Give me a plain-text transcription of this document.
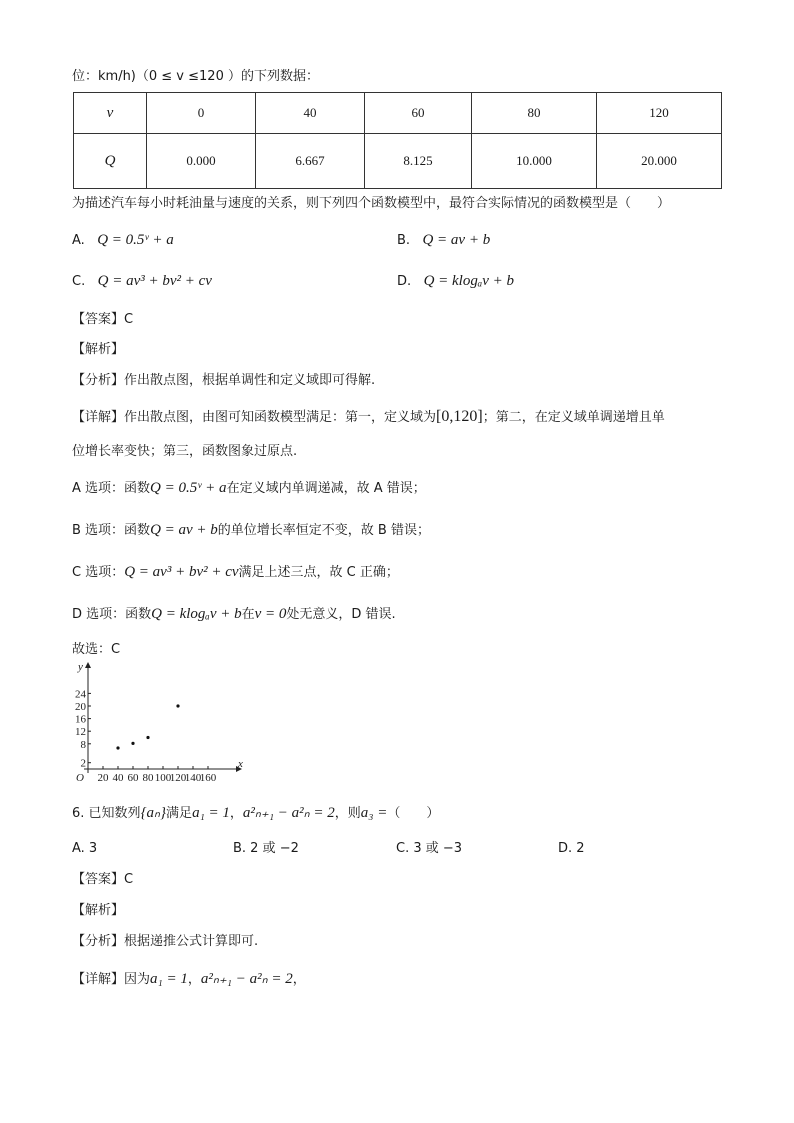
位：km/h)（0 ≤ v ≤120 ）的下列数据：
v	0	40	60	80	120
Q	0.000	6.667	8.125	10.000	20.000
为描述汽车每小时耗油量与速度的关系，则下列四个函数模型中，最符合实际情况的函数模型是（　　）
A. Q = 0.5ᵛ + a	B. Q = av + b
C. Q = av³ + bv² + cv	D. Q = klogₐv + b
【答案】C
【解析】
【分析】作出散点图，根据单调性和定义域即可得解.
【详解】作出散点图，由图可知函数模型满足：第一，定义域为[0,120]；第二，在定义域单调递增且单
位增长率变快；第三，函数图象过原点.
A 选项：函数Q = 0.5ᵛ + a在定义域内单调递减，故 A 错误；
B 选项：函数Q = av + b的单位增长率恒定不变，故 B 错误；
C 选项：Q = av³ + bv² + cv满足上述三点，故 C 正确；
D 选项：函数Q = klogₐv + b在v = 0处无意义，D 错误.
故选：C
20 40 60 80 100
120
140
160
2
8
12
16
20
24
x
y
O
6. 已知数列{aₙ}满足a₁ = 1，a²ₙ₊₁ − a²ₙ = 2，则a₃ =（　　）
A. 3	B. 2 或 −2	C. 3 或 −3	D. 2
【答案】C
【解析】
【分析】根据递推公式计算即可.
【详解】因为a₁ = 1，a²ₙ₊₁ − a²ₙ = 2，
